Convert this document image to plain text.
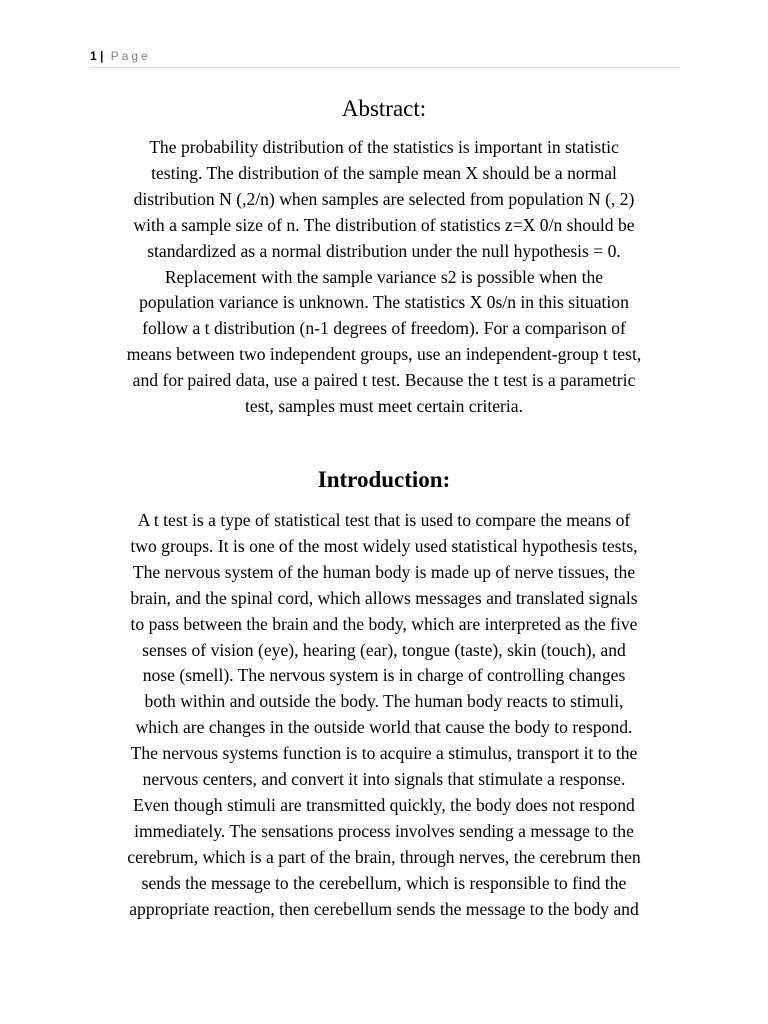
1 | Page
Abstract:
The probability distribution of the statistics is important in statistic
testing. The distribution of the sample mean X should be a normal
distribution N (,2/n) when samples are selected from population N (, 2)
with a sample size of n. The distribution of statistics z=X 0/n should be
standardized as a normal distribution under the null hypothesis = 0.
Replacement with the sample variance s2 is possible when the
population variance is unknown. The statistics X 0s/n in this situation
follow a t distribution (n-1 degrees of freedom). For a comparison of
means between two independent groups, use an independent-group t test,
and for paired data, use a paired t test. Because the t test is a parametric
test, samples must meet certain criteria.
Introduction:
A t test is a type of statistical test that is used to compare the means of
two groups. It is one of the most widely used statistical hypothesis tests,
The nervous system of the human body is made up of nerve tissues, the
brain, and the spinal cord, which allows messages and translated signals
to pass between the brain and the body, which are interpreted as the five
senses of vision (eye), hearing (ear), tongue (taste), skin (touch), and
nose (smell). The nervous system is in charge of controlling changes
both within and outside the body. The human body reacts to stimuli,
which are changes in the outside world that cause the body to respond.
The nervous systems function is to acquire a stimulus, transport it to the
nervous centers, and convert it into signals that stimulate a response.
Even though stimuli are transmitted quickly, the body does not respond
immediately. The sensations process involves sending a message to the
cerebrum, which is a part of the brain, through nerves, the cerebrum then
sends the message to the cerebellum, which is responsible to find the
appropriate reaction, then cerebellum sends the message to the body and
